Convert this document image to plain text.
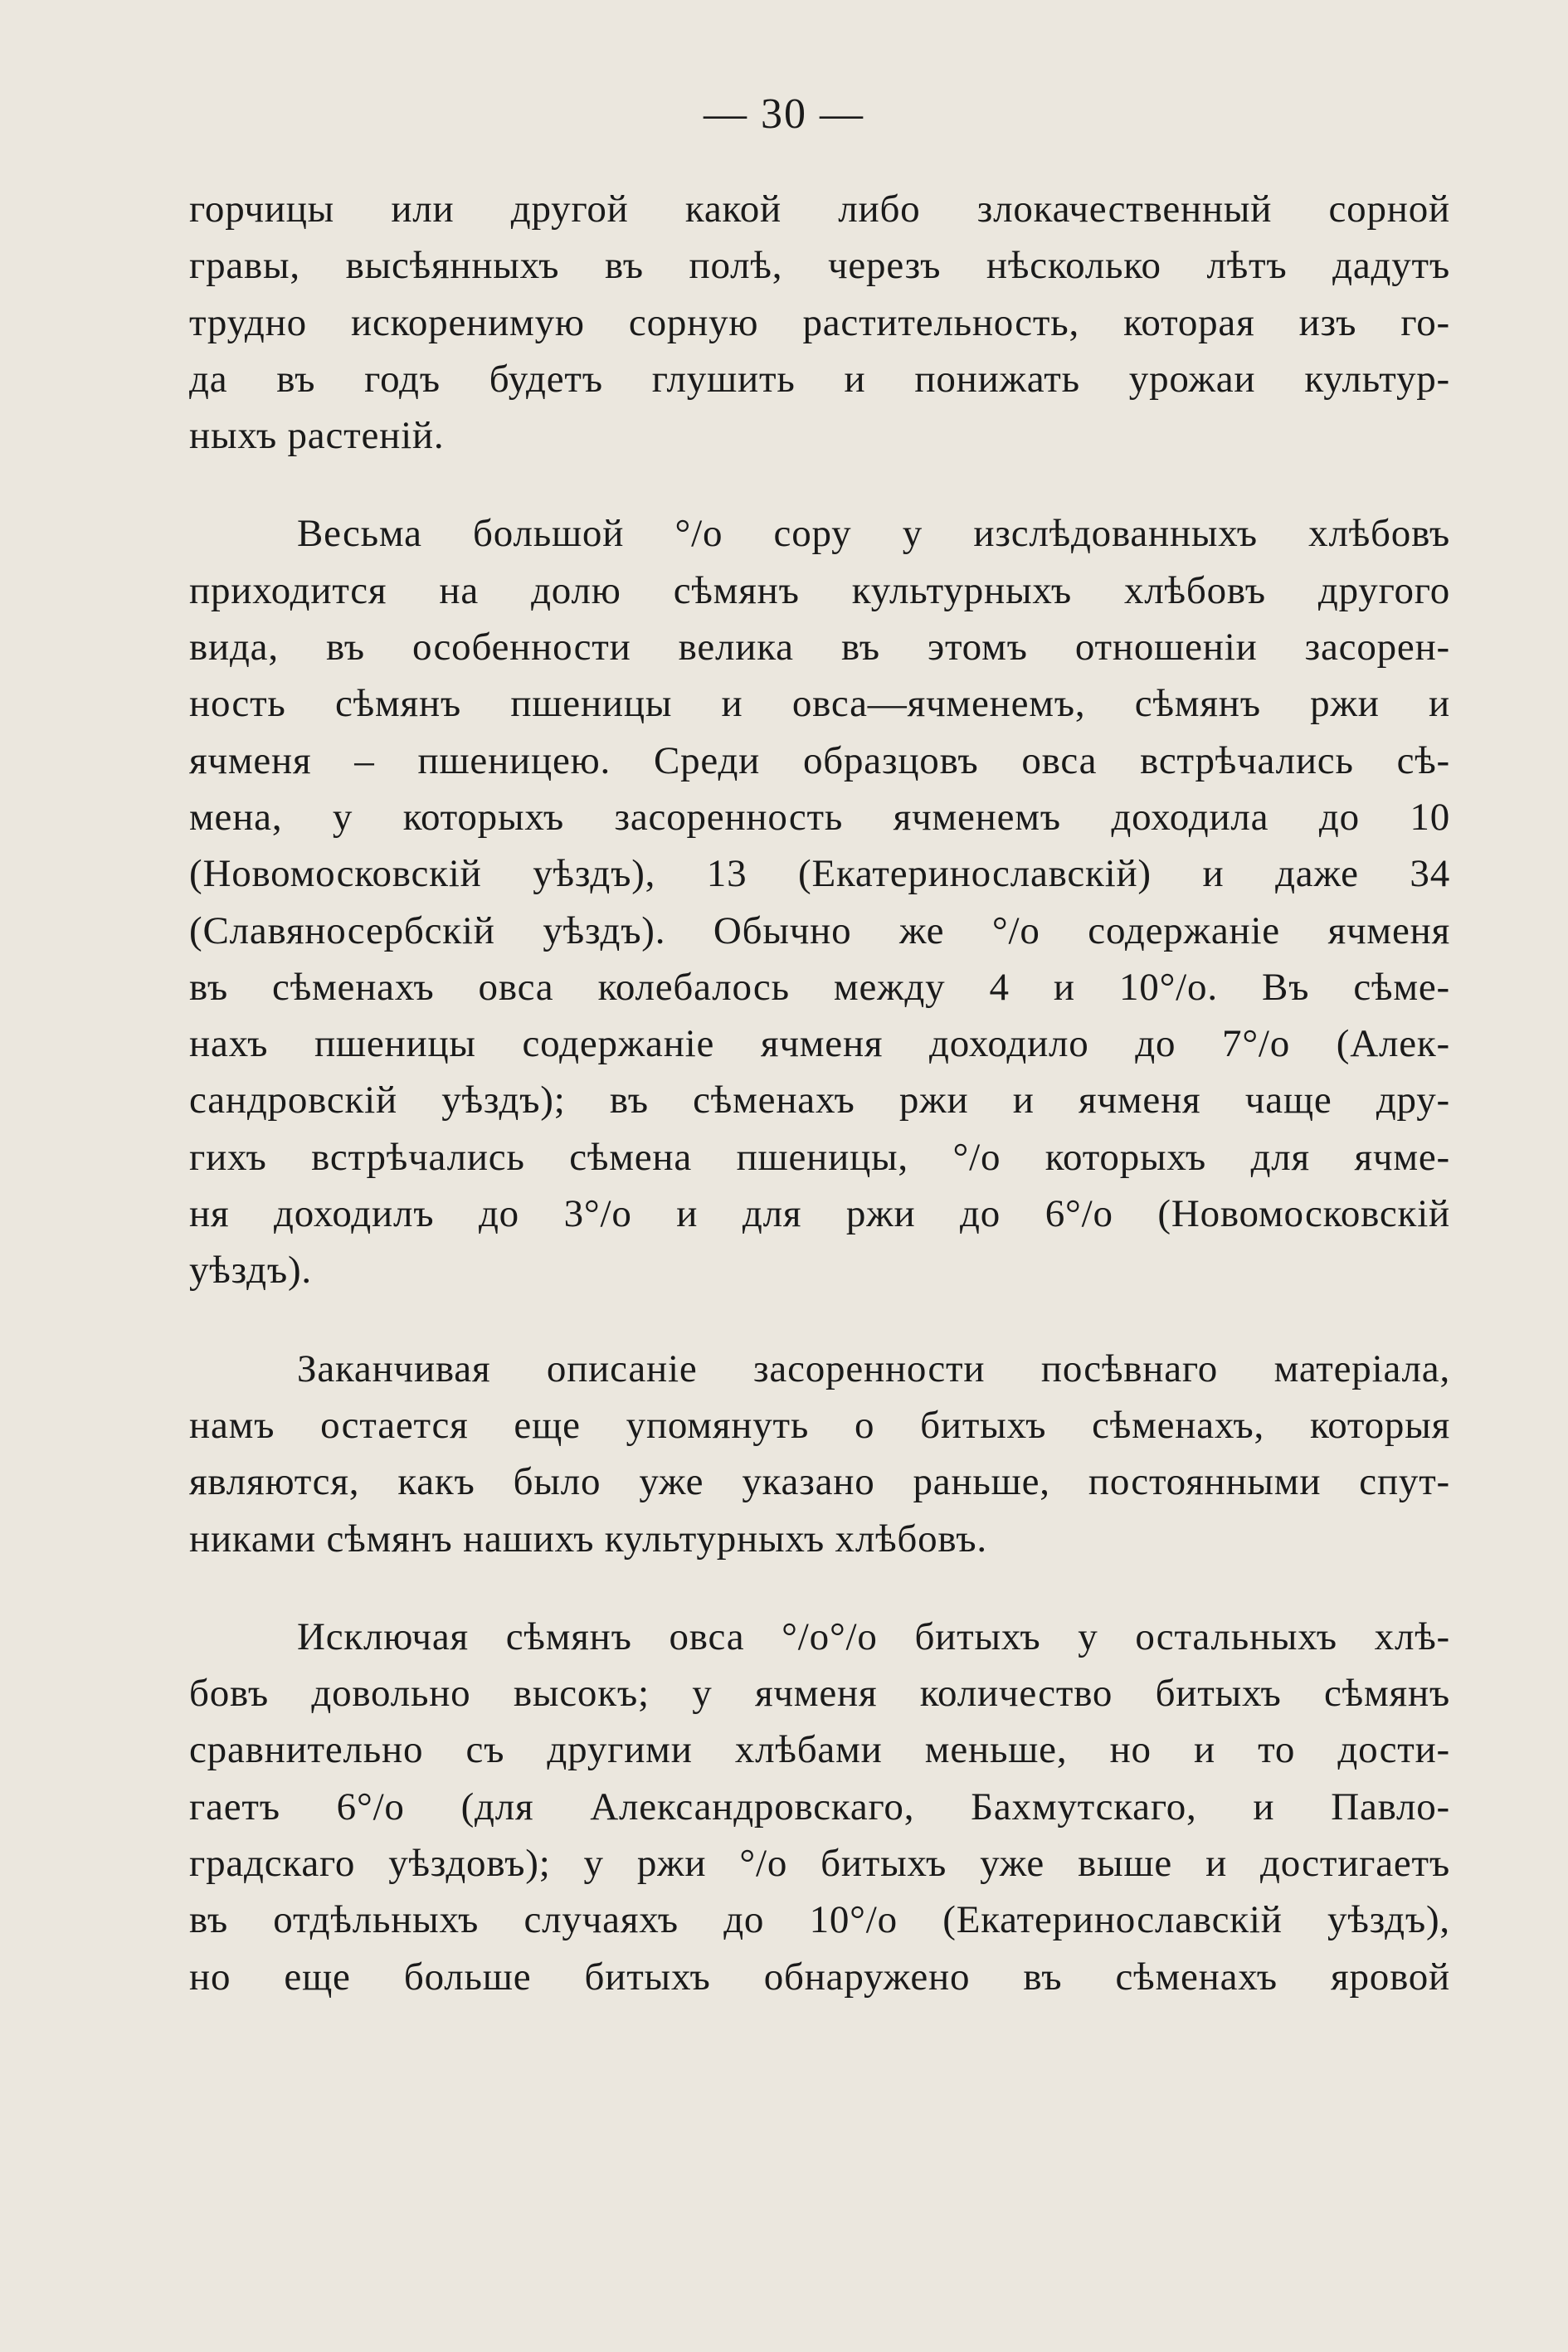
— 30 —
горчицы или другой какой либо злокачественный сорной
гравы, высѣянныхъ въ полѣ, черезъ нѣсколько лѣтъ дадутъ
трудно искоренимую сорную растительность, которая изъ го-
да въ годъ будетъ глушить и понижать урожаи культур-
ныхъ растеній.
Весьма большой °/о сору у изслѣдованныхъ хлѣбовъ
приходится на долю сѣмянъ культурныхъ хлѣбовъ другого
вида, въ особенности велика въ этомъ отношеніи засорен-
ность сѣмянъ пшеницы и овса—ячменемъ, сѣмянъ ржи и
ячменя – пшеницею. Среди образцовъ овса встрѣчались сѣ-
мена, у которыхъ засоренность ячменемъ доходила до 10
(Новомосковскій уѣздъ), 13 (Екатеринославскій) и даже 34
(Славяносербскій уѣздъ). Обычно же °/о содержаніе ячменя
въ сѣменахъ овса колебалось между 4 и 10°/о. Въ сѣме-
нахъ пшеницы содержаніе ячменя доходило до 7°/о (Алек-
сандровскій уѣздъ); въ сѣменахъ ржи и ячменя чаще дру-
гихъ встрѣчались сѣмена пшеницы, °/о которыхъ для ячме-
ня доходилъ до 3°/о и для ржи до 6°/о (Новомосковскій
уѣздъ).
Заканчивая описаніе засоренности посѣвнаго матеріала,
намъ остается еще упомянуть о битыхъ сѣменахъ, которыя
являются, какъ было уже указано раньше, постоянными спут-
никами сѣмянъ нашихъ культурныхъ хлѣбовъ.
Исключая сѣмянъ овса °/о°/о битыхъ у остальныхъ хлѣ-
бовъ довольно высокъ; у ячменя количество битыхъ сѣмянъ
сравнительно съ другими хлѣбами меньше, но и то дости-
гаетъ 6°/о (для Александровскаго, Бахмутскаго, и Павло-
градскаго уѣздовъ); у ржи °/о битыхъ уже выше и достигаетъ
въ отдѣльныхъ случаяхъ до 10°/о (Екатеринославскій уѣздъ),
но еще больше битыхъ обнаружено въ сѣменахъ яровой
